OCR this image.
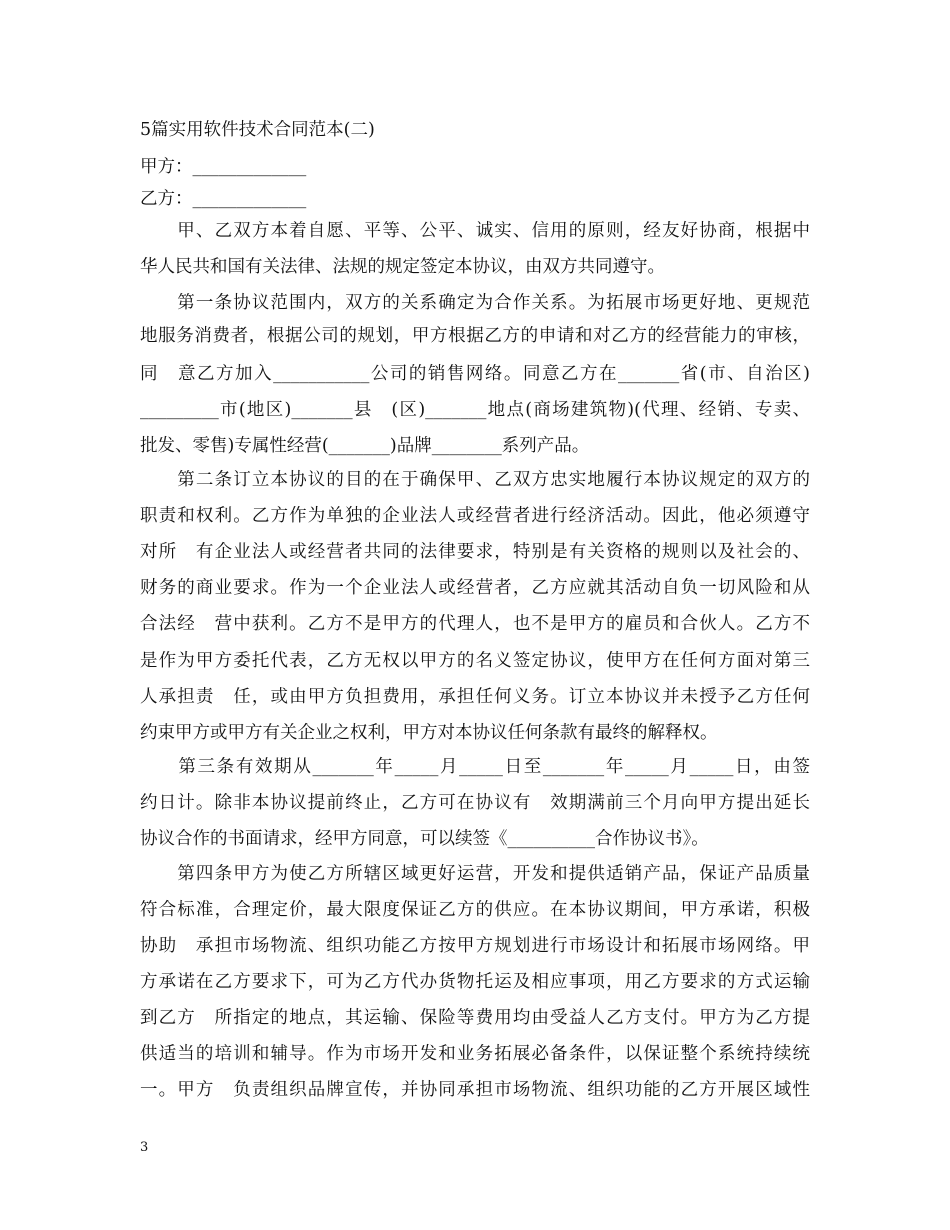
5篇实用软件技术合同范本(二)
甲方：_____________
乙方：_____________
　　甲、乙双方本着自愿、平等、公平、诚实、信用的原则，经友好协商，根据中
华人民共和国有关法律、法规的规定签定本协议，由双方共同遵守。
　　第一条协议范围内，双方的关系确定为合作关系。为拓展市场更好地、更规范
地服务消费者，根据公司的规划，甲方根据乙方的申请和对乙方的经营能力的审核，
同　意乙方加入___________公司的销售网络。同意乙方在_______省(市、自治区)
_________市(地区)_______县　(区)_______地点(商场建筑物)(代理、经销、专卖、
批发、零售)专属性经营(_______)品牌________系列产品。
　　第二条订立本协议的目的在于确保甲、乙双方忠实地履行本协议规定的双方的
职责和权利。乙方作为单独的企业法人或经营者进行经济活动。因此，他必须遵守
对所　有企业法人或经营者共同的法律要求，特别是有关资格的规则以及社会的、
财务的商业要求。作为一个企业法人或经营者，乙方应就其活动自负一切风险和从
合法经　营中获利。乙方不是甲方的代理人，也不是甲方的雇员和合伙人。乙方不
是作为甲方委托代表，乙方无权以甲方的名义签定协议，使甲方在任何方面对第三
人承担责　任，或由甲方负担费用，承担任何义务。订立本协议并未授予乙方任何
约束甲方或甲方有关企业之权利，甲方对本协议任何条款有最终的解释权。
　　第三条有效期从_______年_____月_____日至_______年_____月_____日，由签
约日计。除非本协议提前终止，乙方可在协议有　效期满前三个月向甲方提出延长
协议合作的书面请求，经甲方同意，可以续签《__________合作协议书》。
　　第四条甲方为使乙方所辖区域更好运营，开发和提供适销产品，保证产品质量
符合标准，合理定价，最大限度保证乙方的供应。在本协议期间，甲方承诺，积极
协助　承担市场物流、组织功能乙方按甲方规划进行市场设计和拓展市场网络。甲
方承诺在乙方要求下，可为乙方代办货物托运及相应事项，用乙方要求的方式运输
到乙方　所指定的地点，其运输、保险等费用均由受益人乙方支付。甲方为乙方提
供适当的培训和辅导。作为市场开发和业务拓展必备条件，以保证整个系统持续统
一。甲方　负责组织品牌宣传，并协同承担市场物流、组织功能的乙方开展区域性
3
